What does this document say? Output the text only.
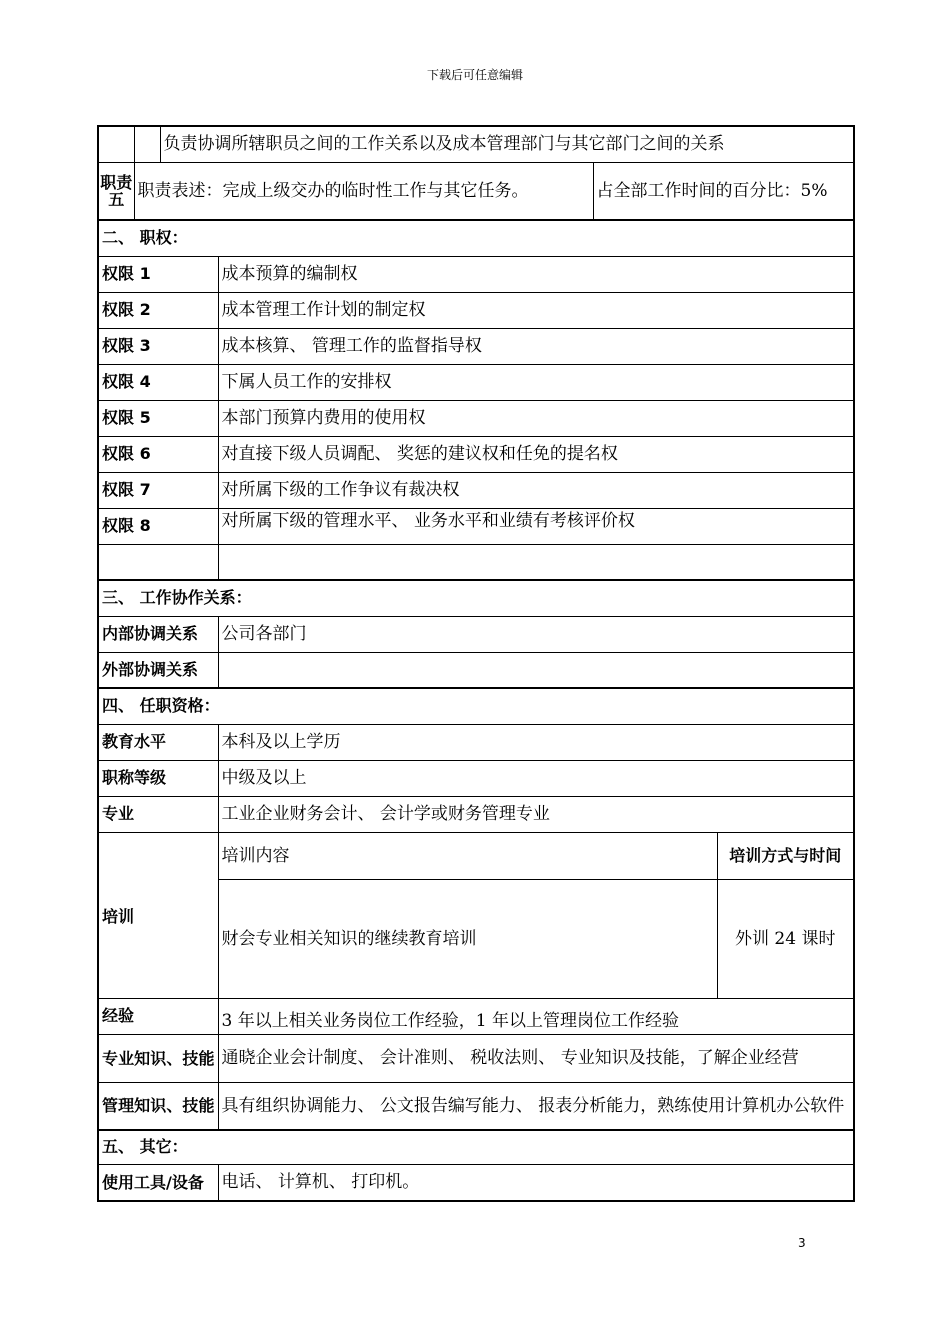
下载后可任意编辑
		负责协调所辖职员之间的工作关系以及成本管理部门与其它部门之间的关系			
职责五	职责表述：完成上级交办的临时性工作与其它任务。			占全部工作时间的百分比：5%	
二、 职权：					
权限 1			成本预算的编制权		
权限 2			成本管理工作计划的制定权		
权限 3			成本核算、 管理工作的监督指导权		
权限 4			下属人员工作的安排权		
权限 5			本部门预算内费用的使用权		
权限 6			对直接下级人员调配、 奖惩的建议权和任免的提名权		
权限 7			对所属下级的工作争议有裁决权		
权限 8			对所属下级的管理水平、 业务水平和业绩有考核评价权		

三、 工作协作关系：					
内部协调关系			公司各部门		
外部协调关系					
四、 任职资格：					
教育水平			本科及以上学历		
职称等级			中级及以上		
专业			工业企业财务会计、 会计学或财务管理专业		
培训			培训内容		培训方式与时间
			财会专业相关知识的继续教育培训		外训 24 课时
经验			3 年以上相关业务岗位工作经验，1 年以上管理岗位工作经验		
专业知识、技能			通晓企业会计制度、 会计准则、 税收法则、 专业知识及技能，了解企业经营		
管理知识、技能			具有组织协调能力、 公文报告编写能力、 报表分析能力，熟练使用计算机办公软件		
五、 其它：					
使用工具/设备			电话、 计算机、 打印机。		
3
